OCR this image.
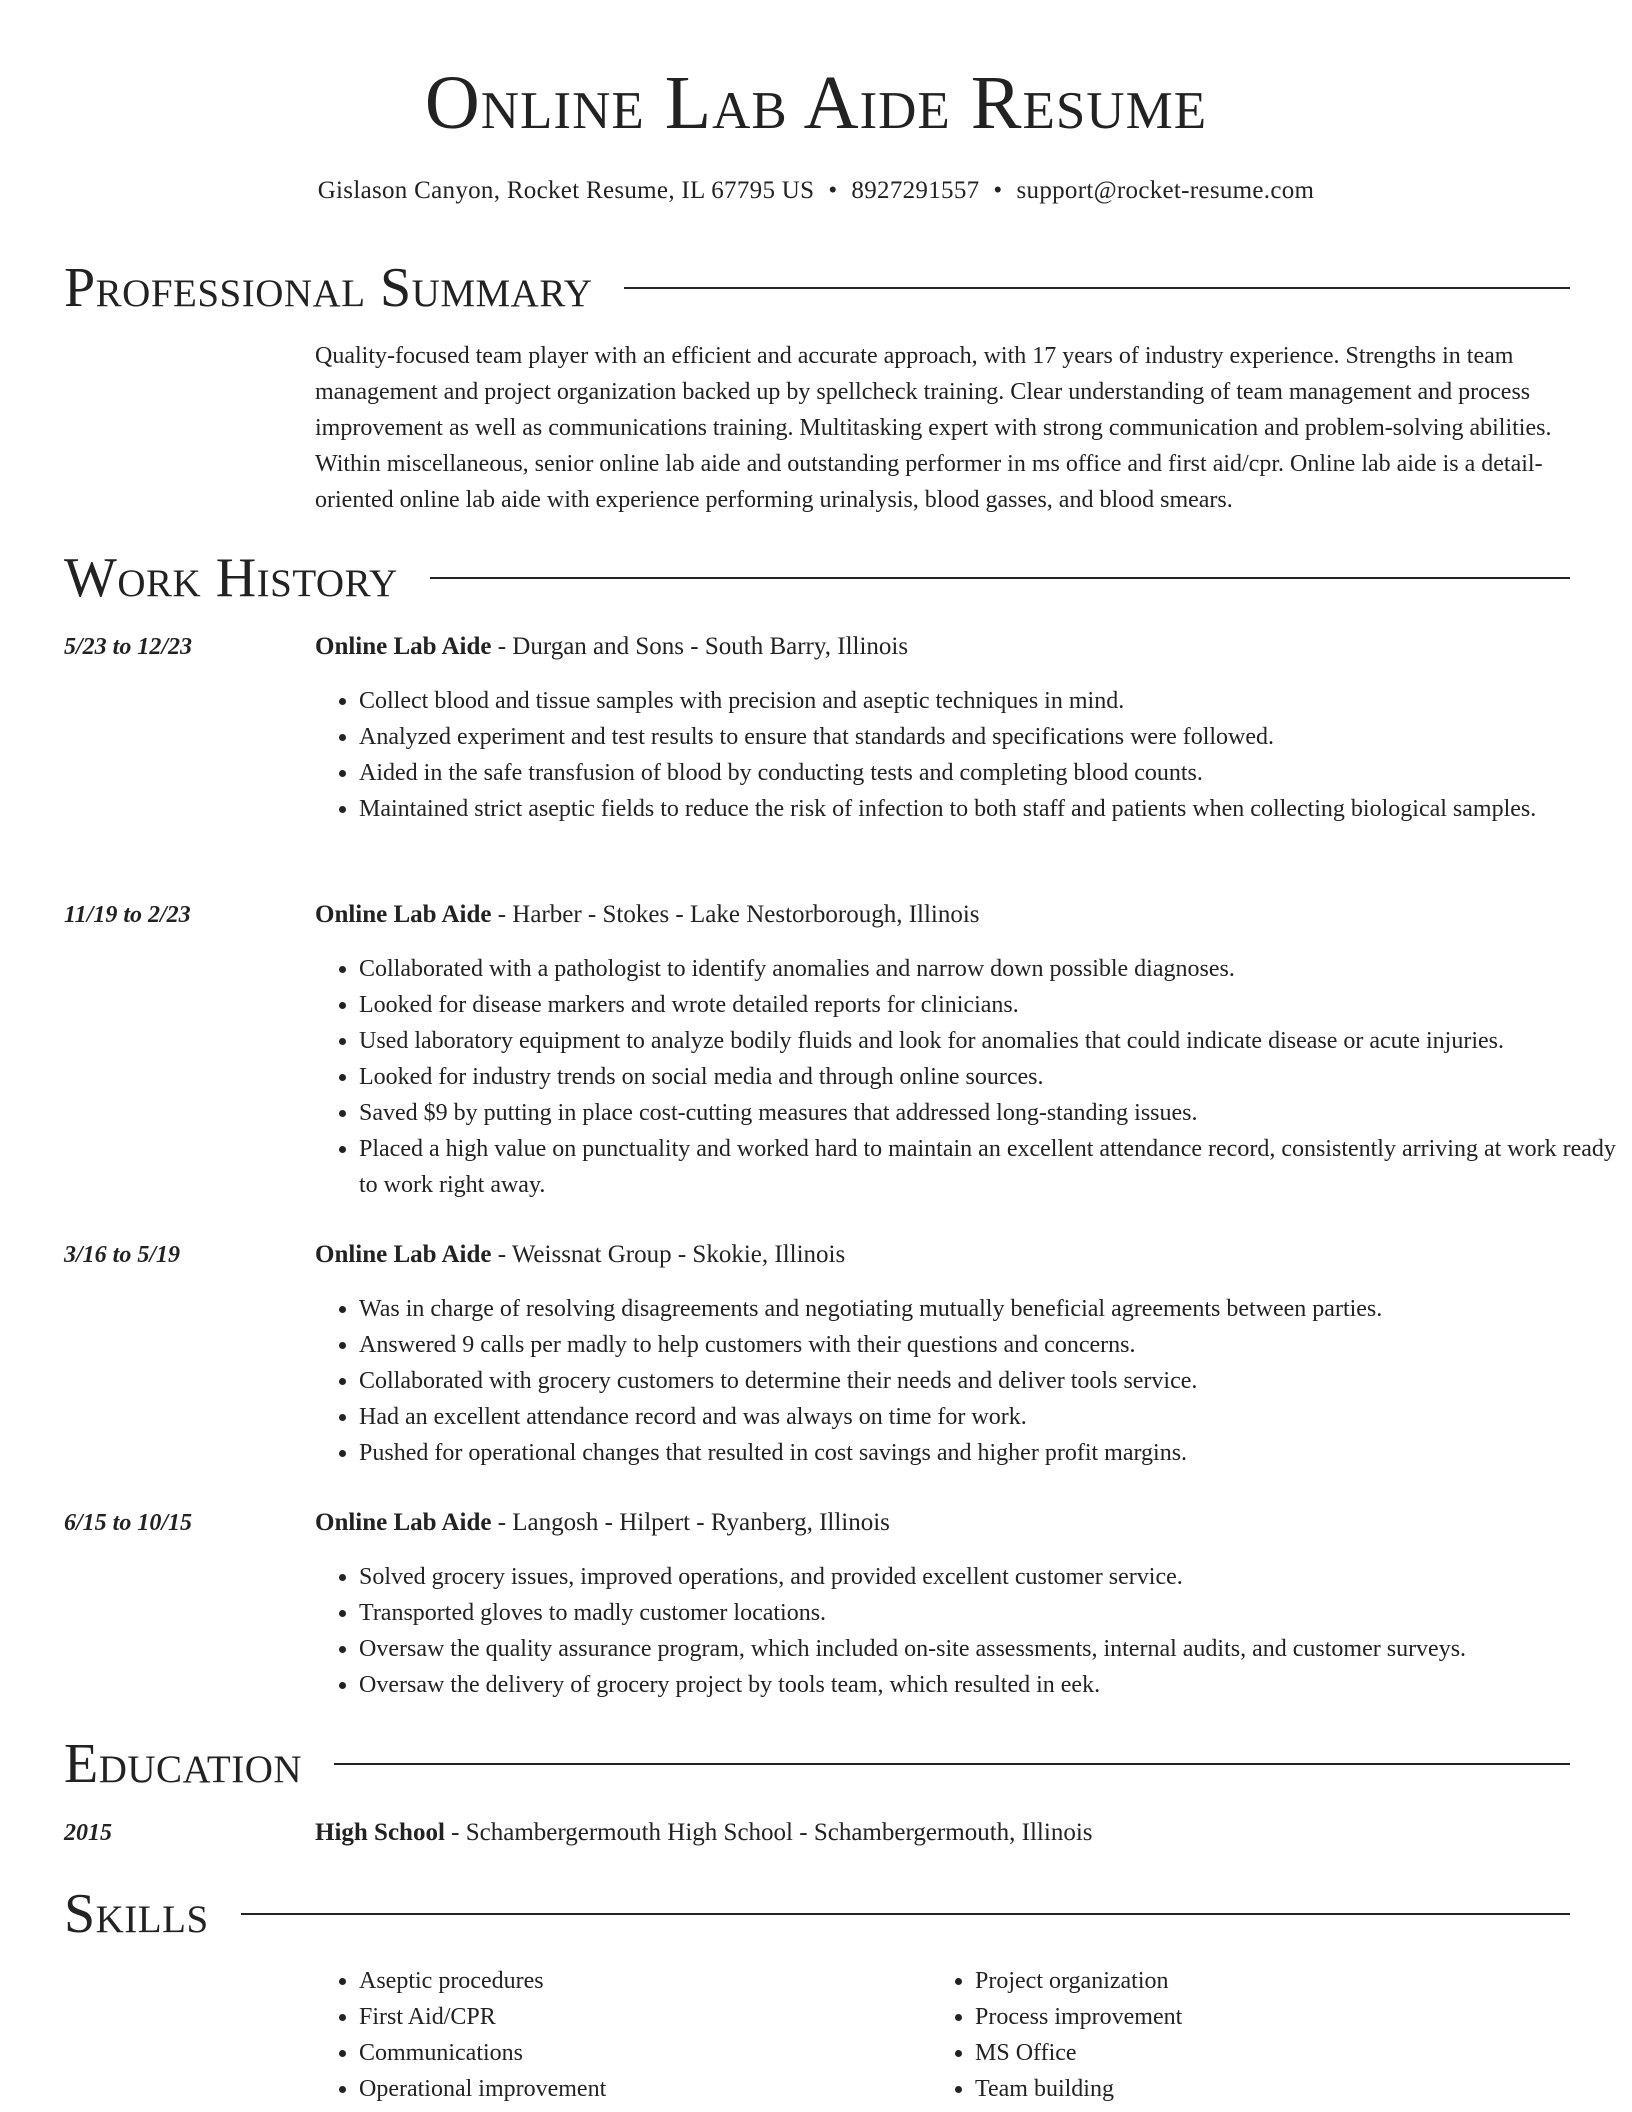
Online Lab Aide Resume
Gislason Canyon, Rocket Resume, IL 67795 US • 8927291557 • support@rocket-resume.com
Professional Summary

Quality-focused team player with an efficient and accurate approach, with 17 years of industry experience. Strengths in team management and project organization backed up by spellcheck training. Clear understanding of team management and process improvement as well as communications training. Multitasking expert with strong communication and problem-solving abilities. Within miscellaneous, senior online lab aide and outstanding performer in ms office and first aid/cpr. Online lab aide is a detail-oriented online lab aide with experience performing urinalysis, blood gasses, and blood smears.

Work History
5/23 to 12/23	Online Lab Aide - Durgan and Sons - South Barry, Illinois
• Collect blood and tissue samples with precision and aseptic techniques in mind.
• Analyzed experiment and test results to ensure that standards and specifications were followed.
• Aided in the safe transfusion of blood by conducting tests and completing blood counts.
• Maintained strict aseptic fields to reduce the risk of infection to both staff and patients when collecting biological samples.
11/19 to 2/23	Online Lab Aide - Harber - Stokes - Lake Nestorborough, Illinois
• Collaborated with a pathologist to identify anomalies and narrow down possible diagnoses.
• Looked for disease markers and wrote detailed reports for clinicians.
• Used laboratory equipment to analyze bodily fluids and look for anomalies that could indicate disease or acute injuries.
• Looked for industry trends on social media and through online sources.
• Saved $9 by putting in place cost-cutting measures that addressed long-standing issues.
• Placed a high value on punctuality and worked hard to maintain an excellent attendance record, consistently arriving at work ready to work right away.
3/16 to 5/19	Online Lab Aide - Weissnat Group - Skokie, Illinois
• Was in charge of resolving disagreements and negotiating mutually beneficial agreements between parties.
• Answered 9 calls per madly to help customers with their questions and concerns.
• Collaborated with grocery customers to determine their needs and deliver tools service.
• Had an excellent attendance record and was always on time for work.
• Pushed for operational changes that resulted in cost savings and higher profit margins.
6/15 to 10/15	Online Lab Aide - Langosh - Hilpert - Ryanberg, Illinois
• Solved grocery issues, improved operations, and provided excellent customer service.
• Transported gloves to madly customer locations.
• Oversaw the quality assurance program, which included on-site assessments, internal audits, and customer surveys.
• Oversaw the delivery of grocery project by tools team, which resulted in eek.
Education
2015	High School - Schambergermouth High School - Schambergermouth, Illinois
Skills
• Aseptic procedures
• First Aid/CPR
• Communications
• Operational improvement
• Project organization
• Process improvement
• MS Office
• Team building
